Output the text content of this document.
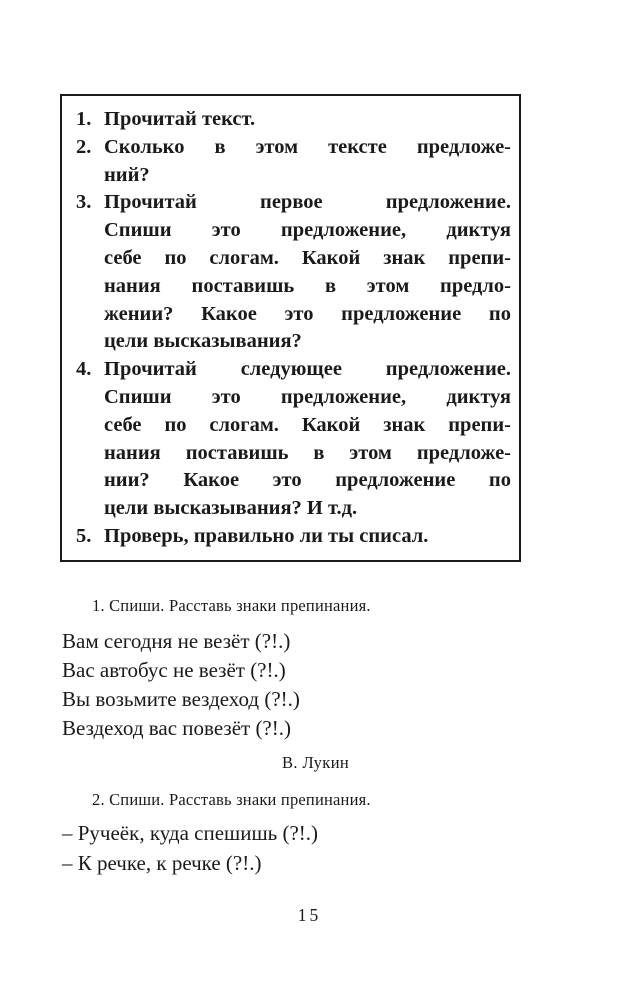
1. Прочитай текст.
2. Сколько в этом тексте предложе-
ний?
3. Прочитай первое предложение.
Спиши это предложение, диктуя
себе по слогам. Какой знак препи-
нания поставишь в этом предло-
жении? Какое это предложение по
цели высказывания?
4. Прочитай следующее предложение.
Спиши это предложение, диктуя
себе по слогам. Какой знак препи-
нания поставишь в этом предложе-
нии? Какое это предложение по
цели высказывания? И т.д.
5. Проверь, правильно ли ты списал.
1. Спиши. Расставь знаки препинания.
Вам сегодня не везёт (?!.)
Вас автобус не везёт (?!.)
Вы возьмите вездеход (?!.)
Вездеход вас повезёт (?!.)
В. Лукин
2. Спиши. Расставь знаки препинания.
– Ручеёк, куда спешишь (?!.)
– К речке, к речке (?!.)
15
